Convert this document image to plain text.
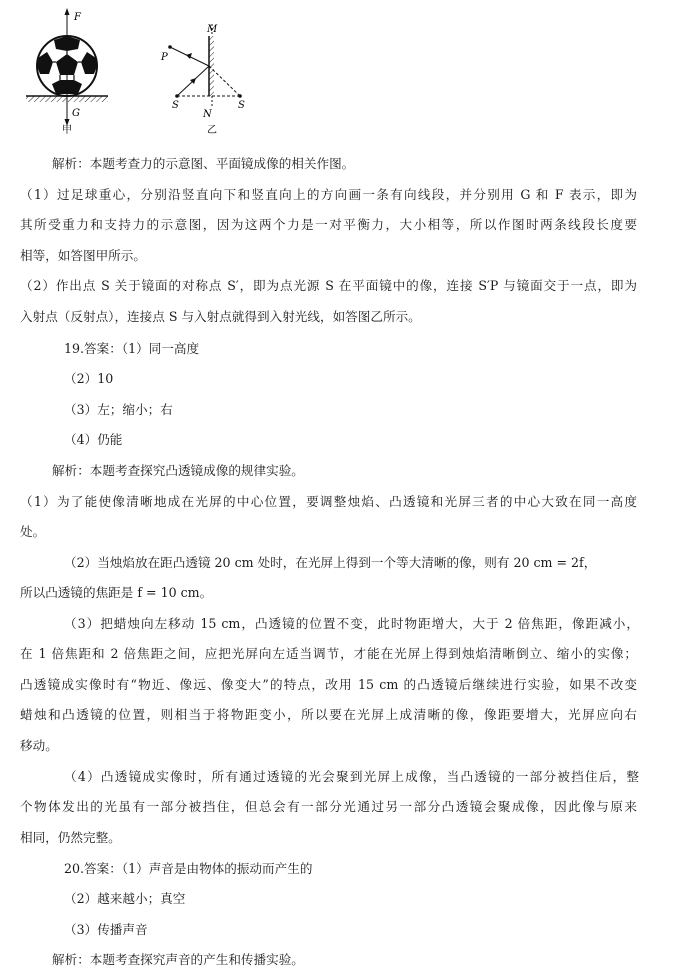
F
G
甲
M
N
P
S	S
乙
解析：本题考查力的示意图、平面镜成像的相关作图。
（1）过足球重心，分别沿竖直向下和竖直向上的方向画一条有向线段，并分别用 G 和 F 表示，即为
其所受重力和支持力的示意图，因为这两个力是一对平衡力，大小相等，所以作图时两条线段长度要
相等，如答图甲所示。
（2）作出点 S 关于镜面的对称点 S′，即为点光源 S 在平面镜中的像，连接 S′P 与镜面交于一点，即为
入射点（反射点），连接点 S 与入射点就得到入射光线，如答图乙所示。
19.答案：（1）同一高度
（2）10
（3）左；缩小；右
（4）仍能
解析：本题考查探究凸透镜成像的规律实验。
（1）为了能使像清晰地成在光屏的中心位置，要调整烛焰、凸透镜和光屏三者的中心大致在同一高度
处。
（2）当烛焰放在距凸透镜 20 cm 处时，在光屏上得到一个等大清晰的像，则有 20 cm = 2f，
所以凸透镜的焦距是 f = 10 cm。
（3）把蜡烛向左移动 15 cm，凸透镜的位置不变，此时物距增大，大于 2 倍焦距，像距减小，
在 1 倍焦距和 2 倍焦距之间，应把光屏向左适当调节，才能在光屏上得到烛焰清晰倒立、缩小的实像；
凸透镜成实像时有“物近、像远、像变大”的特点，改用 15 cm 的凸透镜后继续进行实验，如果不改变
蜡烛和凸透镜的位置，则相当于将物距变小，所以要在光屏上成清晰的像，像距要增大，光屏应向右
移动。
（4）凸透镜成实像时，所有通过透镜的光会聚到光屏上成像，当凸透镜的一部分被挡住后，整
个物体发出的光虽有一部分被挡住，但总会有一部分光通过另一部分凸透镜会聚成像，因此像与原来
相同，仍然完整。
20.答案：（1）声音是由物体的振动而产生的
（2）越来越小；真空
（3）传播声音
解析：本题考查探究声音的产生和传播实验。
